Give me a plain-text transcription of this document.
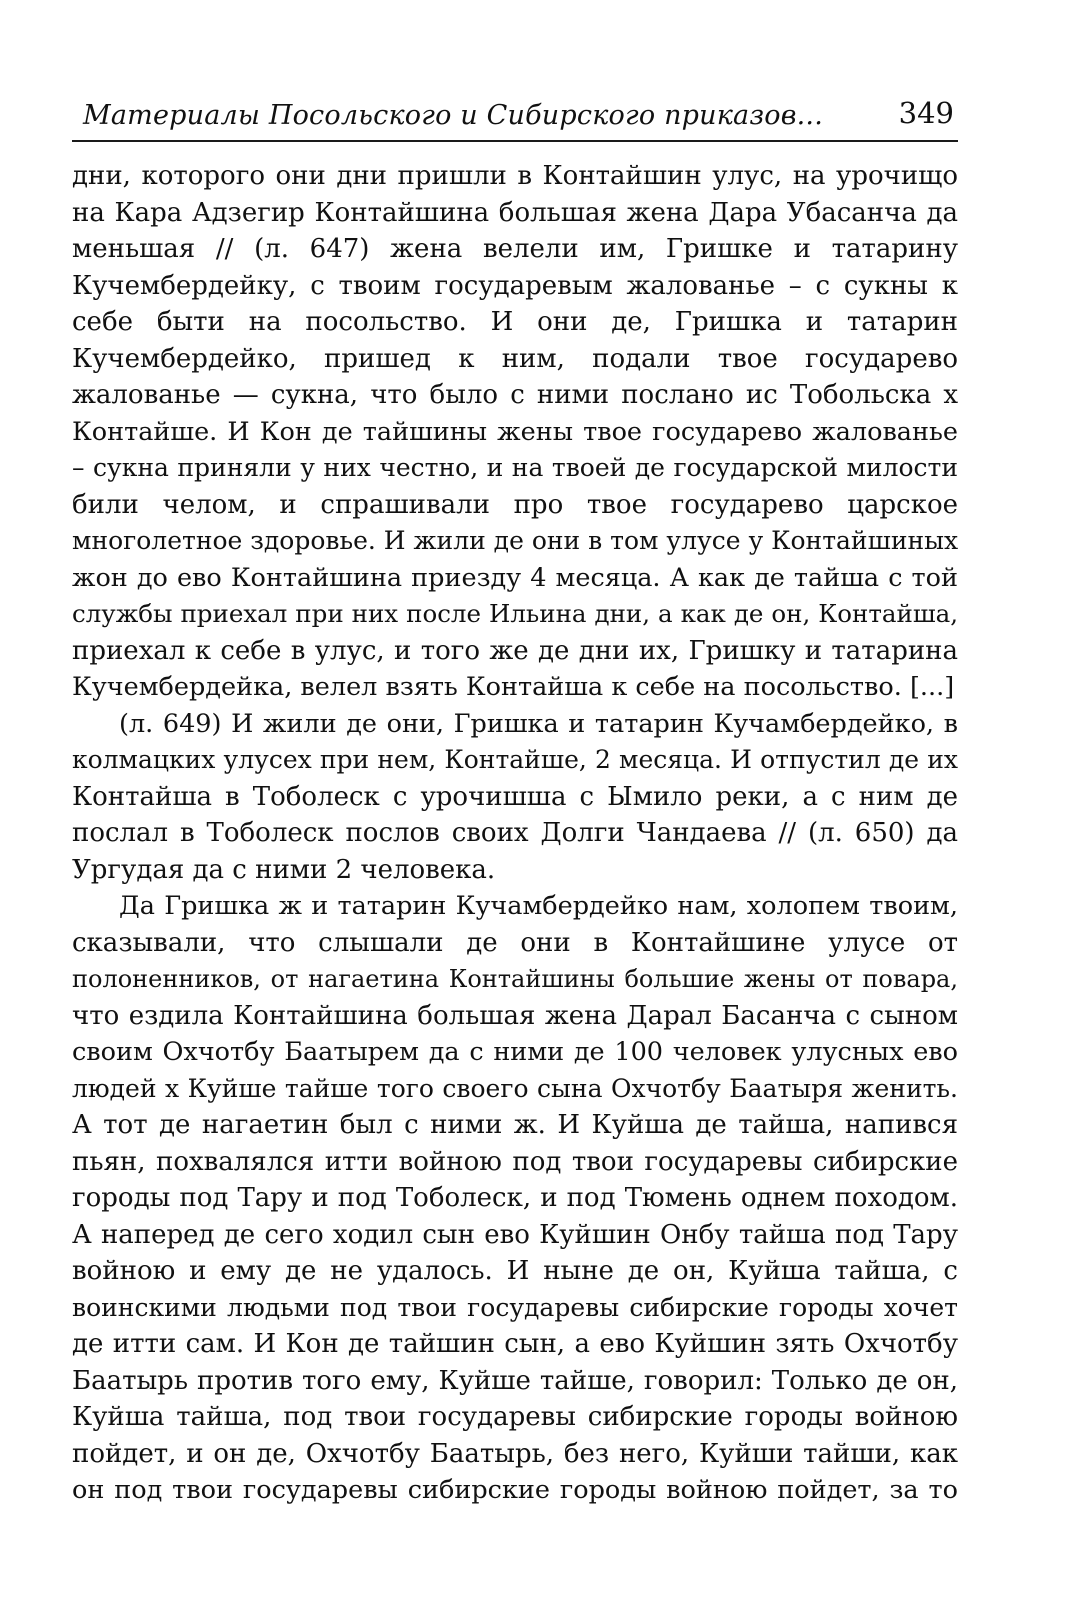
Материалы Посольского и Сибирского приказов...	349
дни, которого они дни пришли в Контайшин улус, на урочищо
на Кара Адзегир Контайшина большая жена Дара Убасанча да
меньшая // (л. 647) жена велели им, Гришке и татарину
Кучембердейку, с твоим государевым жалованье – с сукны к
себе быти на посольство. И они де, Гришка и татарин
Кучембердейко, пришед к ним, подали твое государево
жалованье — сукна, что было с ними послано ис Тобольска х
Контайше. И Кон де тайшины жены твое государево жалованье
– сукна приняли у них честно, и на твоей де государской милости
били челом, и спрашивали про твое государево царское
многолетное здоровье. И жили де они в том улусе у Контайшиных
жон до ево Контайшина приезду 4 месяца. А как де тайша с той
службы приехал при них после Ильина дни, а как де он, Контайша,
приехал к себе в улус, и того же де дни их, Гришку и татарина
Кучембердейка, велел взять Контайша к себе на посольство. [...]
(л. 649) И жили де они, Гришка и татарин Кучамбердейко, в
колмацких улусех при нем, Контайше, 2 месяца. И отпустил де их
Контайша в Тоболеск с урочишша с Ымило реки, а с ним де
послал в Тоболеск послов своих Долги Чандаева // (л. 650) да
Ургудая да с ними 2 человека.
Да Гришка ж и татарин Кучамбердейко нам, холопем твоим,
сказывали, что слышали де они в Контайшине улусе от
полоненников, от нагаетина Контайшины большие жены от повара,
что ездила Контайшина большая жена Дарал Басанча с сыном
своим Охчотбу Баатырем да с ними де 100 человек улусных ево
людей х Куйше тайше того своего сына Охчотбу Баатыря женить.
А тот де нагаетин был с ними ж. И Куйша де тайша, напився
пьян, похвалялся итти войною под твои государевы сибирские
городы под Тару и под Тоболеск, и под Тюмень однем походом.
А наперед де сего ходил сын ево Куйшин Онбу тайша под Тару
войною и ему де не удалось. И ныне де он, Куйша тайша, с
воинскими людьми под твои государевы сибирские городы хочет
де итти сам. И Кон де тайшин сын, а ево Куйшин зять Охчотбу
Баатырь против того ему, Куйше тайше, говорил: Только де он,
Куйша тайша, под твои государевы сибирские городы войною
пойдет, и он де, Охчотбу Баатырь, без него, Куйши тайши, как
он под твои государевы сибирские городы войною пойдет, за то
